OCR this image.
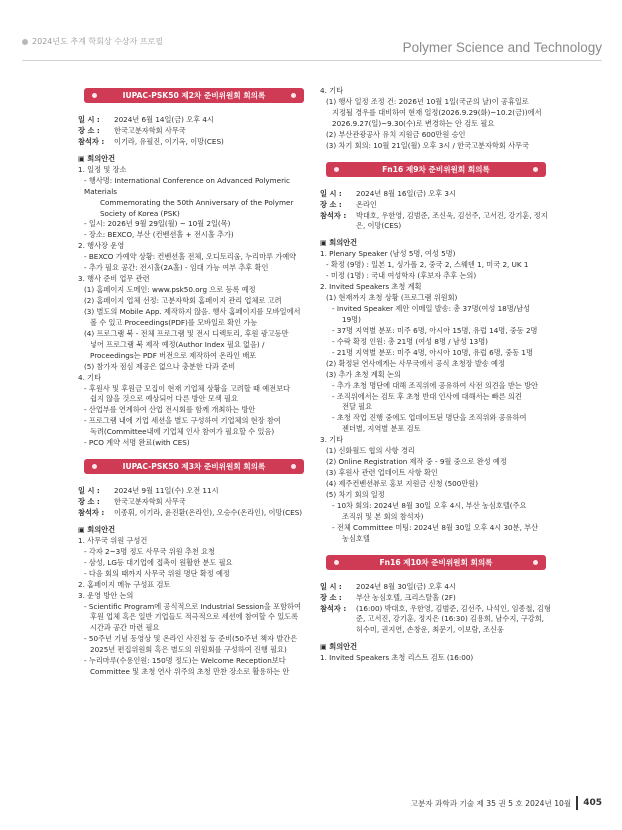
2024년도 추계 학회상 수상자 프로필	Polymer Science and Technology
IUPAC-PSK50 제2차 준비위원회 회의록
일 시 :	2024년 6월 14일(금) 오후 4시
장 소 :	한국고분자학회 사무국
참석자 :	이기라, 유필진, 이기옥, 이망(CES)
▣ 회의안건
1. 일정 및 장소
- 행사명: International Conference on Advanced Polymeric Materials
Commemorating the 50th Anniversary of the Polymer
Society of Korea (PSK)
- 일시: 2026년 9월 29일(월) ~ 10월 2일(목)
- 장소: BEXCO, 부산 (컨벤션홀 + 전시홀 추가)
2. 행사장 운영
- BEXCO 가예약 상황: 컨벤션홀 전체, 오디토리움, 누리마루 가예약
- 추가 필요 공간: 전시홀(2A홀) - 임대 가능 여부 추후 확인
3. 행사 준비 업무 관련
(1) 홈페이지 도메인: www.psk50.org 으로 등록 예정
(2) 홈페이지 업체 선정: 고분자학회 홈페이지 관리 업체로 고려
(3) 별도의 Mobile App. 제작하지 않음. 행사 홈페이지를 모바일에서
볼 수 있고 Proceedings(PDF)를 모바일로 확인 가능
(4) 프로그램 북 - 전체 프로그램 및 전시 디렉토리, 후원 광고등만
넣어 프로그램 북 제작 예정(Author Index 필요 없음) /
Proceedings는 PDF 버전으로 제작하여 온라인 배포
(5) 참가자 점심 제공은 없으나 충분한 다과 준비
4. 기타
- 후원사 및 후원금 모집이 현재 기업체 상황을 고려할 때 예전보다
쉽지 않을 것으로 예상되어 다른 방안 모색 필요
- 산업부를 연계하여 산업 전시회를 함께 개최하는 방안
- 프로그램 내에 기업 세션을 별도 구성하여 기업체의 현장 참여
독려(Committee내에 기업체 인사 참여가 필요할 수 있음)
- PCO 계약 서명 완료(with CES)
IUPAC-PSK50 제3차 준비위원회 회의록
일 시 :	2024년 9월 11일(수) 오전 11시
장 소 :	한국고분자학회 사무국
참석자 :	이종휘, 이기라, 윤진환(온라인), 오승수(온라인), 이망(CES)
▣ 회의안건
1. 사무국 위원 구성건
- 각자 2~3명 정도 사무국 위원 추천 요청
- 삼성, LG등 대기업에 접촉이 원활한 분도 필요
- 다음 회의 때까지 사무국 위원 명단 확정 예정
2. 홈페이지 메뉴 구성표 검토
3. 운영 방안 논의
- Scientific Program에 공식적으로 Industrial Session을 포함하여
후원 업체 혹은 일반 기업들도 적극적으로 세션에 참여할 수 있도록
시간과 공간 마련 필요
- 50주년 기념 동영상 및 온라인 사진첩 등 준비(50주년 책자 발간은
2025년 편집위원회 혹은 별도의 위원회를 구성하여 진행 필요)
- 누리마루(수용인원: 150명 정도)는 Welcome Reception보다
Committee 및 초청 연사 위주의 초청 만찬 장소로 활용하는 안
4. 기타
(1) 행사 일정 조정 건: 2026년 10월 1일(국군의 날)이 공휴일로
지정될 경우를 대비하여 현재 일정(2026.9.29(화)~10.2(금))에서
2026.9.27(일)~9.30(수)로 변경하는 안 검토 필요
(2) 부산관광공사 유치 지원금 600만원 승인
(3) 차기 회의: 10월 21일(월) 오후 3시 / 한국고분자학회 사무국
Fn16 제9차 준비위원회 회의록
일 시 :	2024년 8월 16일(금) 오후 3시
장 소 :	온라인
참석자 :	박대호, 우한영, 김범준, 조신욱, 김선주, 고서진, 강기훈, 정지은, 이망(CES)
▣ 회의안건
1. Plenary Speaker (남성 5명, 여성 5명)
- 확정 (9명) : 일본 1, 싱가폴 2, 중국 2, 스웨덴 1, 미국 2, UK 1
- 미정 (1명) : 국내 여성학자 (후보자 추후 논의)
2. Invited Speakers 초청 계획
(1) 현재까지 초청 상황 (프로그램 위원회)
- Invited Speaker 제안 이메일 발송: 총 37명(여성 18명/남성
19명)
- 37명 지역별 분포: 미주 6명, 아시아 15명, 유럽 14명, 중동 2명
- 수락 확정 인원: 총 21명 (여성 8명 / 남성 13명)
- 21명 지역별 분포: 미주 4명, 아시아 10명, 유럽 6명, 중동 1명
(2) 확정된 연사에게는 사무국에서 공식 초청장 발송 예정
(3) 추가 초청 계획 논의
- 추가 초청 명단에 대해 조직위에 공유하여 사전 의견을 받는 방안
- 조직위에서는 검토 후 초청 반대 인사에 대해서는 빠른 의견
전달 필요
- 초청 작업 진행 중에도 업데이트된 명단을 조직위와 공유하여
젠더별, 지역별 분포 검토
3. 기타
(1) 신화월드 협의 사항 경리
(2) Online Registration 제작 중 - 9월 중으로 완성 예정
(3) 후원사 관련 업데이트 사항 확인
(4) 제주컨벤션뷰로 홍보 지원금 신청 (500만원)
(5) 차기 회의 일정
- 10차 회의: 2024년 8월 30일 오후 4시, 부산 농심호텔(주요
조직위 및 본 회의 참석자)
- 전체 Committee 미팅: 2024년 8월 30일 오후 4시 30분, 부산
농심호텔
Fn16 제10차 준비위원회 회의록
일 시 :	2024년 8월 30일(금) 오후 4시
장 소 :	부산 농심호텔, 크리스탈홀 (2F)
참석자 :	(16:00) 박대호, 우한영, 김범준, 김선주, 나석인, 임종철, 김형준, 고서진, 강기훈, 정지은 (16:30) 김용희, 남수지, 구강희, 허수미, 권지연, 손창운, 최문기, 이보람, 조신웅
▣ 회의안건
1. Invited Speakers 초청 리스트 검토 (16:00)
고분자 과학과 기술 제 35 권 5 호 2024년 10월 405
